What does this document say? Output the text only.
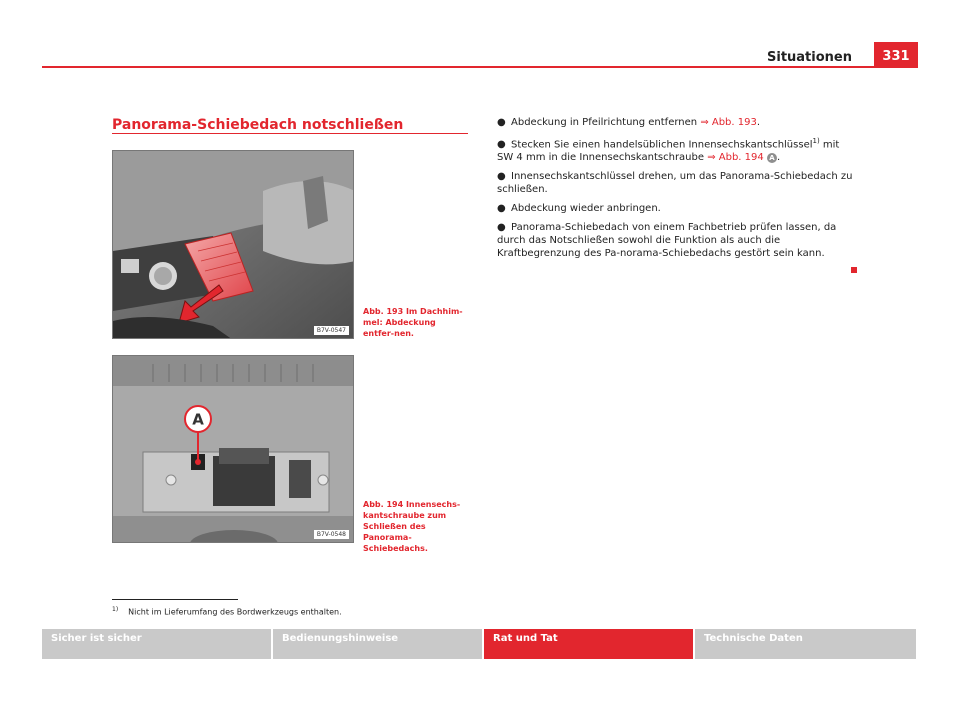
Situationen	331
Panorama-Schiebedach notschließen
B7V-0547
Abb. 193 Im Dachhim-mel: Abdeckung entfer-nen.
A
B7V-0548
Abb. 194 Innensechs-kantschraube zum Schließen des Panorama-Schiebedachs.

● Abdeckung in Pfeilrichtung entfernen ⇒ Abb. 193.

● Stecken Sie einen handelsüblichen Innensechskantschlüssel$^{1)}$ mit SW 4 mm in die Innensechskantschraube ⇒ Abb. 194 A .

● Innensechskantschlüssel drehen, um das Panorama-Schiebedach zu schließen.

● Abdeckung wieder anbringen.

● Panorama-Schiebedach von einem Fachbetrieb prüfen lassen, da durch das Notschließen sowohl die Funktion als auch die Kraftbegrenzung des Pa-norama-Schiebedachs gestört sein kann.

$^{1)}$ Nicht im Lieferumfang des Bordwerkzeugs enthalten.
Sicher ist sicher	Bedienungshinweise	Rat und Tat	Technische Daten
